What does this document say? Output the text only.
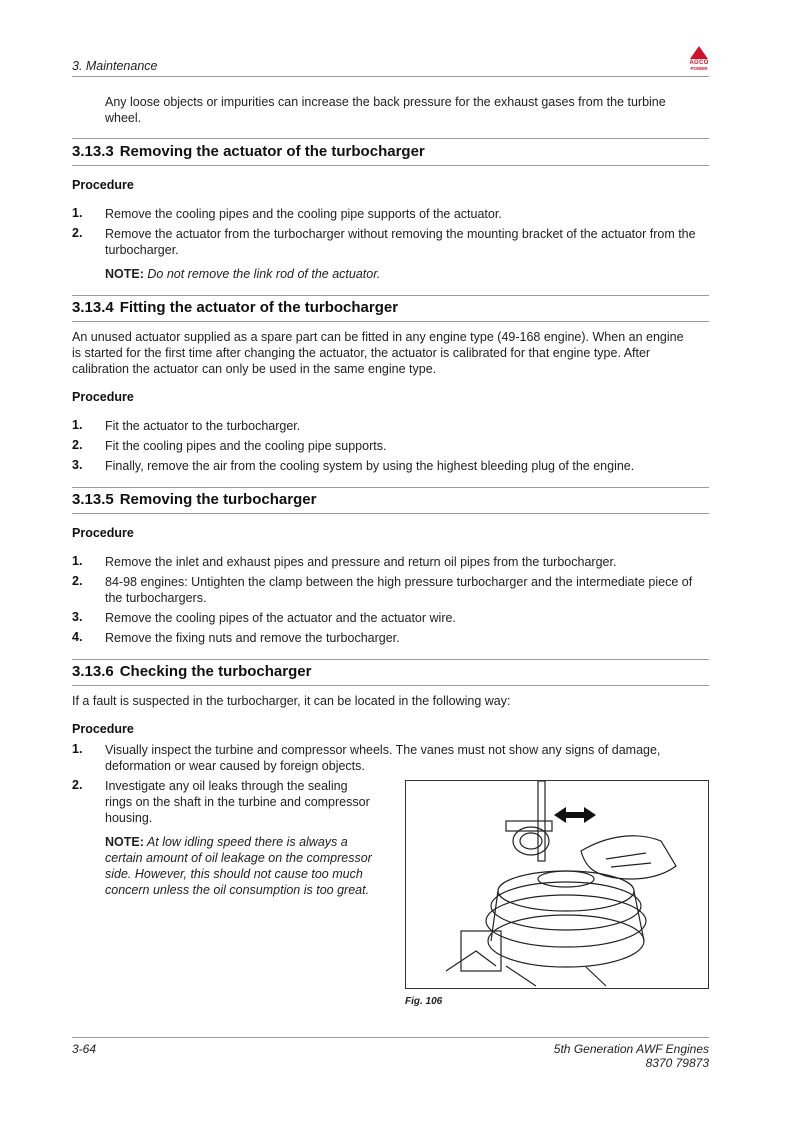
3. Maintenance	AGCO
POWER
Any loose objects or impurities can increase the back pressure for the exhaust gases from the turbine wheel.
3.13.3 Removing the actuator of the turbocharger
Procedure
1. Remove the cooling pipes and the cooling pipe supports of the actuator.
2. Remove the actuator from the turbocharger without removing the mounting bracket of the actuator from the turbocharger.
NOTE: Do not remove the link rod of the actuator.
3.13.4 Fitting the actuator of the turbocharger
An unused actuator supplied as a spare part can be fitted in any engine type (49-168 engine). When an engine is started for the first time after changing the actuator, the actuator is calibrated for that engine type. After calibration the actuator can only be used in the same engine type.
Procedure
1. Fit the actuator to the turbocharger.
2. Fit the cooling pipes and the cooling pipe supports.
3. Finally, remove the air from the cooling system by using the highest bleeding plug of the engine.
3.13.5 Removing the turbocharger
Procedure
1. Remove the inlet and exhaust pipes and pressure and return oil pipes from the turbocharger.
2. 84-98 engines: Untighten the clamp between the high pressure turbocharger and the intermediate piece of the turbochargers.
3. Remove the cooling pipes of the actuator and the actuator wire.
4. Remove the fixing nuts and remove the turbocharger.
3.13.6 Checking the turbocharger
If a fault is suspected in the turbocharger, it can be located in the following way:
Procedure
1. Visually inspect the turbine and compressor wheels. The vanes must not show any signs of damage, deformation or wear caused by foreign objects.
2. Investigate any oil leaks through the sealing rings on the shaft in the turbine and compressor housing.
NOTE: At low idling speed there is always a certain amount of oil leakage on the compressor side. However, this should not cause too much concern unless the oil consumption is too great.
Fig. 106
3-64	5th Generation AWF Engines
8370 79873
